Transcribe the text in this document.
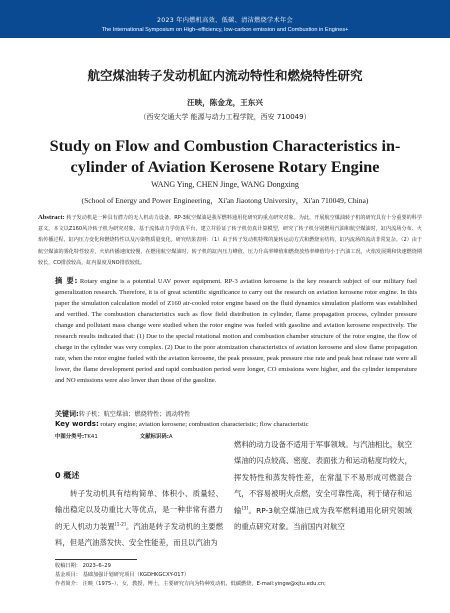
2023 年内燃机高效、低碳、清洁燃烧学术年会
The International Symposium on High–efficiency, low-carbon emission and Combustion in Engines+
航空煤油转子发动机缸内流动特性和燃烧特性研究
汪映，陈金龙，王东兴
（西安交通大学 能源与动力工程学院，西安 710049）
Study on Flow and Combustion Characteristics in-cylinder of Aviation Kerosene Rotary Engine
WANG Ying, CHEN Jinge, WANG Dongxing
(School of Energy and Power Engineering，Xi'an Jiaotong University，Xi'an 710049, China)
Abstract: 转子发动机是一种具有潜力的无人机动力设备，RP-3航空煤油是我军燃料通用化研究的重点研究对象。为此，开展航空煤油转子机的研究具有十分重要的科学意义。本文以Z160风冷转子机为研究对象，基于流体动力学仿真平台，建立并验证了转子机仿真计算模型，研究了转子机分别燃用汽油和航空煤油时，缸内流场分布、火焰传播过程、缸内压力变化和燃烧特性以及污染物质量变化。研究结果表明：（1）由于转子发动机特殊的旋转运动方式和燃烧室结构，缸内流场的流动非常复杂。（2）由于航空煤油的雾化特性较差，火焰传播速度较慢，在燃用航空煤油时，转子机的缸内压力峰值、压力升高率峰值和燃烧放热率峰值均小于汽油工况，火焰发展期和快速燃烧期较长，CO排放较高，缸内温度及NO排放较低。
摘 要: Rotary engine is a potential UAV power equipment. RP-3 aviation kerosene is the key research subject of our military fuel generalization research. Therefore, it is of great scientific significance to carry out the research on aviation kerosene rotor engine. In this paper the simulation calculation model of Z160 air-cooled rotor engine based on the fluid dynamics simulation platform was established and verified. The combustion characteristics such as flow field distribution in cylinder, flame propagation process, cylinder pressure change and pollutant mass change were studied when the rotor engine was fueled with gasoline and aviation kerosene respectively. The research results indicated that: (1) Due to the special rotational motion and combustion chamber structure of the rotor engine, the flow of charge in the cylinder was very complex. (2) Due to the poor atomization characteristics of aviation kerosene and slow flame propagation rate, when the rotor engine fueled with the aviation kerosene, the peak pressure, peak pressure rise rate and peak heat release rate were all lower, the flame development period and rapid combustion period were longer, CO emissions were higher, and the cylinder temperature and NO emissions were also lower than those of the gasoline.
关键词:转子机；航空煤油；燃烧特性；流动特性
Key words: rotary engine; aviation kerosene; combustion characteristic; flow characteristic
中图分类号:TK41	文献标识码:A
0 概述
转子发动机具有结构简单、体积小、质量轻、输出稳定以及功重比大等优点，是一种非常有潜力的无人机动力装置[1-2]。汽油是转子发动机的主要燃料，但是汽油蒸发快、安全性能差，而且以汽油为
燃料的动力设备不适用于军事领域。与汽油相比，航空煤油的闪点较高、密度、表面张力和运动粘度均较大，挥发特性和蒸发特性差，在常温下不易形成可燃混合气，不容易被明火点燃，安全可靠性高，利于储存和运输[3]。RP-3航空煤油已成为我军燃料通用化研究领域的重点研究对象。当前国内对航空
收稿日期： 2023–6–29
基金项目： 基础加强计划研究项目（KGDHKGCXY-017）
作者简介： 汪映（1975–），女，教授，博士，主要研究方向为特种发动机、低碳燃烧，E-mail:yingw@xjtu.edu.cn;
